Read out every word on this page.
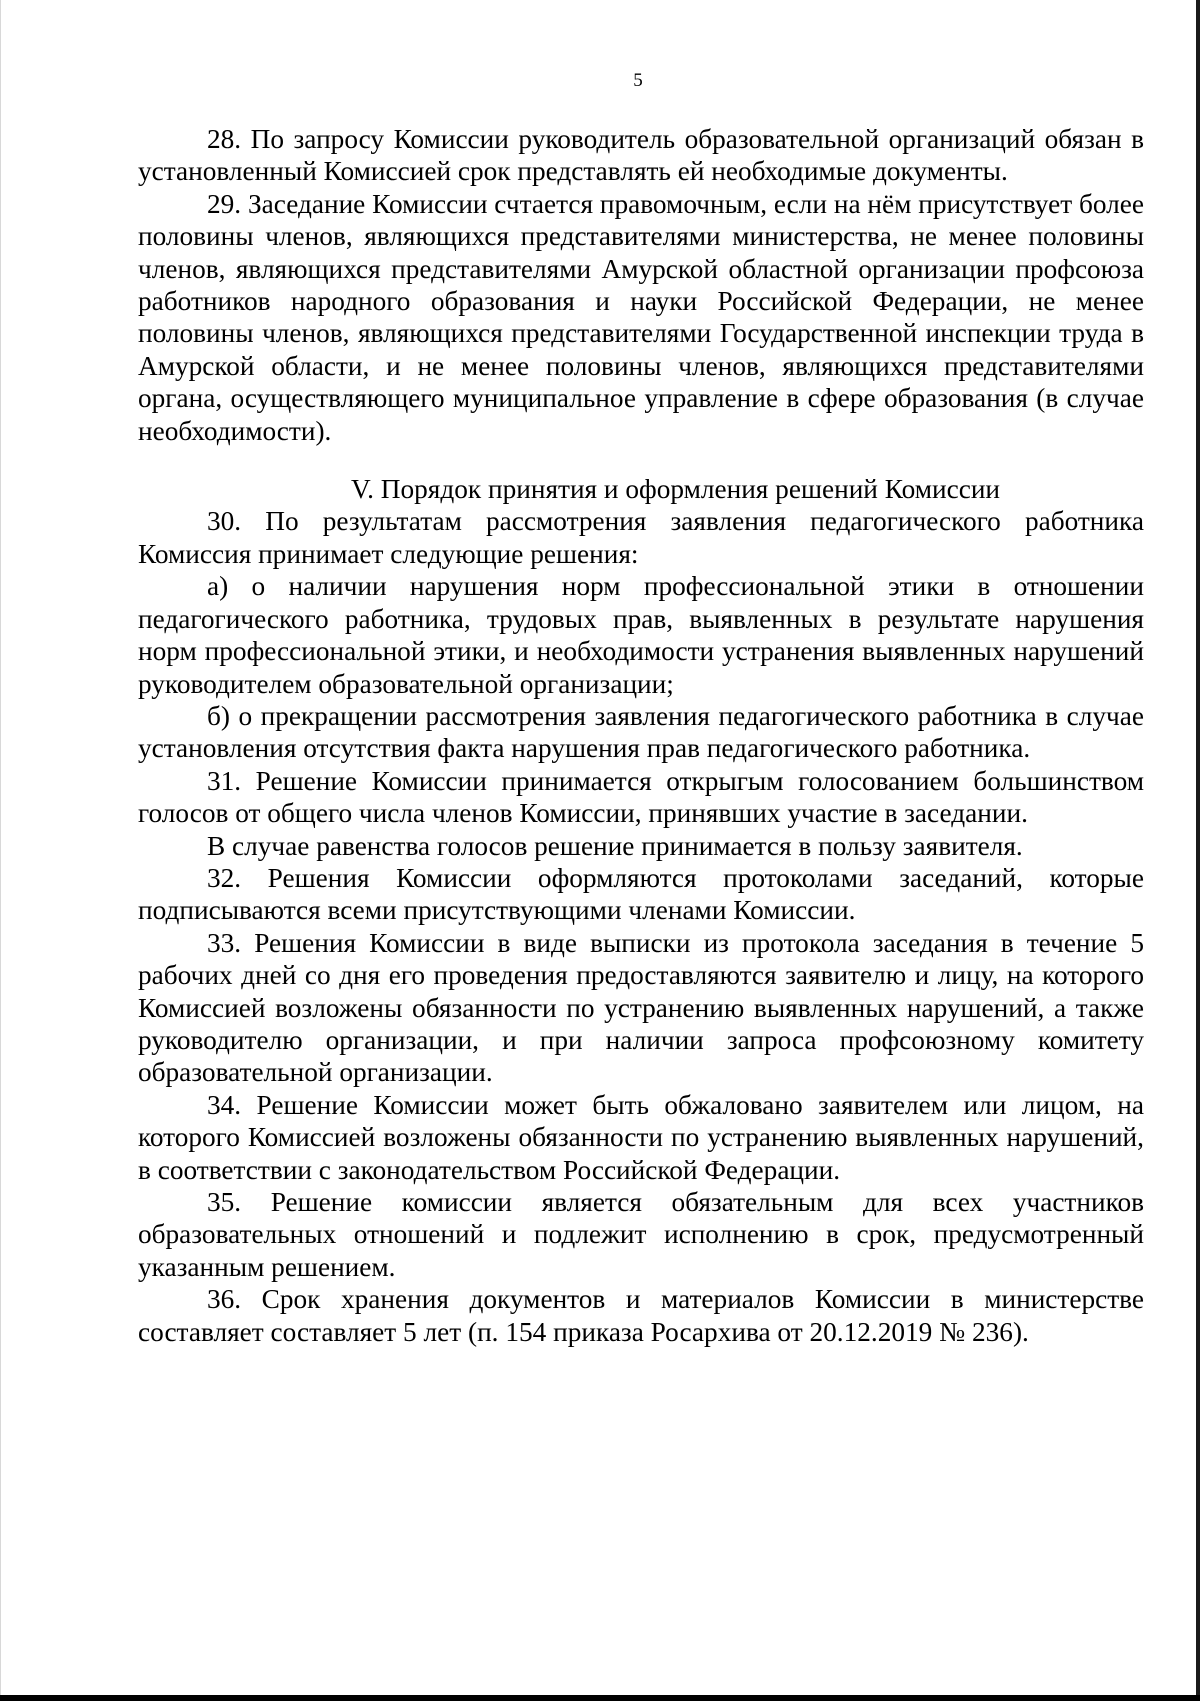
5

28. По запросу Комиссии руководитель образовательной организаций обязан в установленный Комиссией срок представлять ей необходимые документы.

29. Заседание Комиссии счтается правомочным, если на нём присутствует более половины членов, являющихся представителями министерства, не менее половины членов, являющихся представителями Амурской областной организации профсоюза работников народного образования и науки Российской Федерации, не менее половины членов, являющихся представителями Государственной инспекции труда в Амурской области, и не менее половины членов, являющихся представителями органа, осуществляющего муниципальное управление в сфере образования (в случае необходимости).

V. Порядок принятия и оформления решений Комиссии

30. По результатам рассмотрения заявления педагогического работника Комиссия принимает следующие решения:

а) о наличии нарушения норм профессиональной этики в отношении педагогического работника, трудовых прав, выявленных в результате нарушения норм профессиональной этики, и необходимости устранения выявленных нарушений руководителем образовательной организации;

б) о прекращении рассмотрения заявления педагогического работника в случае установления отсутствия факта нарушения прав педагогического работника.

31. Решение Комиссии принимается открыгым голосованием большинством голосов от общего числа членов Комиссии, принявших участие в заседании.

В случае равенства голосов решение принимается в пользу заявителя.

32. Решения Комиссии оформляются протоколами заседаний, которые подписываются всеми присутствующими членами Комиссии.

33. Решения Комиссии в виде выписки из протокола заседания в течение 5 рабочих дней со дня его проведения предоставляются заявителю и лицу, на которого Комиссией возложены обязанности по устранению выявленных нарушений, а также руководителю организации, и при наличии запроса профсоюзному комитету образовательной организации.

34. Решение Комиссии может быть обжаловано заявителем или лицом, на которого Комиссией возложены обязанности по устранению выявленных нарушений, в соответствии с законодательством Российской Федерации.

35. Решение комиссии является обязательным для всех участников образовательных отношений и подлежит исполнению в срок, предусмотренный указанным решением.

36. Срок хранения документов и материалов Комиссии в министерстве составляет составляет 5 лет (п. 154 приказа Росархива от 20.12.2019 № 236).
